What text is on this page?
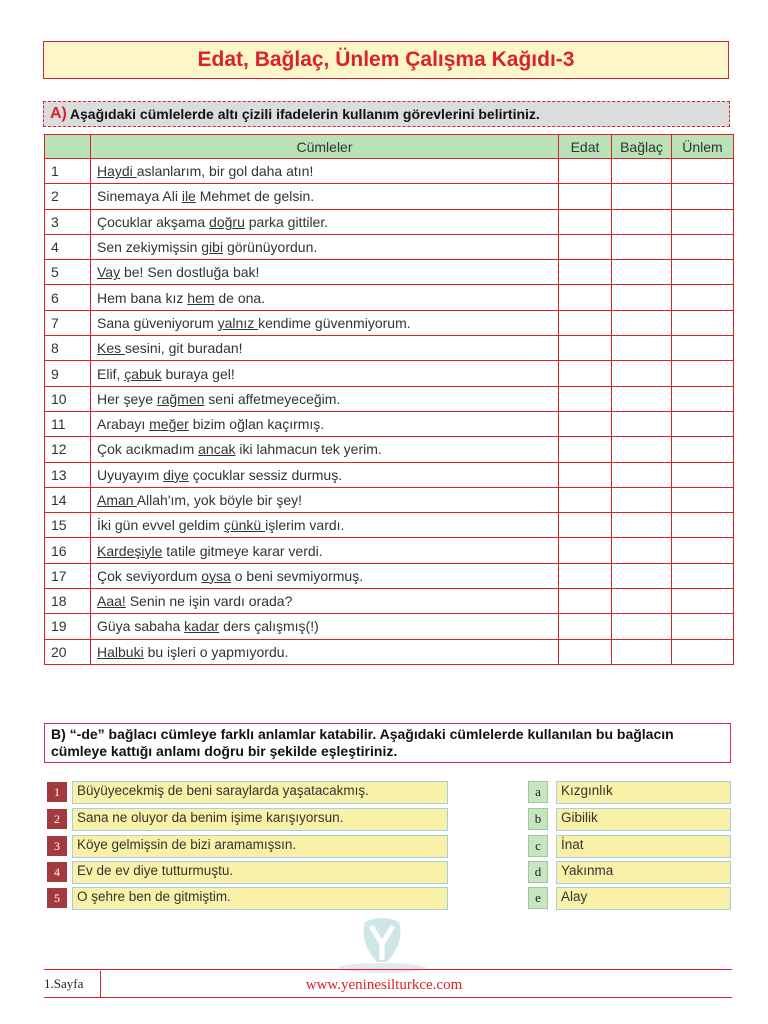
Edat, Bağlaç, Ünlem Çalışma Kağıdı-3
A) Aşağıdaki cümlelerde altı çizili ifadelerin kullanım görevlerini belirtiniz.
	Cümleler	Edat	Bağlaç	Ünlem
1	Haydi aslanlarım, bir gol daha atın!			
2	Sinemaya Ali ile Mehmet de gelsin.			
3	Çocuklar akşama doğru parka gittiler.			
4	Sen zekiymişsin gibi görünüyordun.			
5	Vay be! Sen dostluğa bak!			
6	Hem bana kız hem de ona.			
7	Sana güveniyorum yalnız kendime güvenmiyorum.			
8	Kes sesini, git buradan!			
9	Elif, çabuk buraya gel!			
10	Her şeye rağmen seni affetmeyeceğim.			
11	Arabayı meğer bizim oğlan kaçırmış.			
12	Çok acıkmadım ancak iki lahmacun tek yerim.			
13	Uyuyayım diye çocuklar sessiz durmuş.			
14	Aman Allah'ım, yok böyle bir şey!			
15	İki gün evvel geldim çünkü işlerim vardı.			
16	Kardeşiyle tatile gitmeye karar verdi.			
17	Çok seviyordum oysa o beni sevmiyormuş.			
18	Aaa! Senin ne işin vardı orada?			
19	Güya sabaha kadar ders çalışmış(!)			
20	Halbuki bu işleri o yapmıyordu.			
B) “-de” bağlacı cümleye farklı anlamlar katabilir. Aşağıdaki cümlelerde kullanılan bu bağlacın cümleye kattığı anlamı doğru bir şekilde eşleştiriniz.
1	Büyüyecekmiş de beni saraylarda yaşatacakmış.
2	Sana ne oluyor da benim işime karışıyorsun.
3	Köye gelmişsin de bizi aramamışsın.
4	Ev de ev diye tutturmuştu.
5	O şehre ben de gitmiştim.
a	Kızgınlık
b	Gibilik
c	İnat
d	Yakınma
e	Alay
1.Sayfa	www.yeninesilturkce.com
